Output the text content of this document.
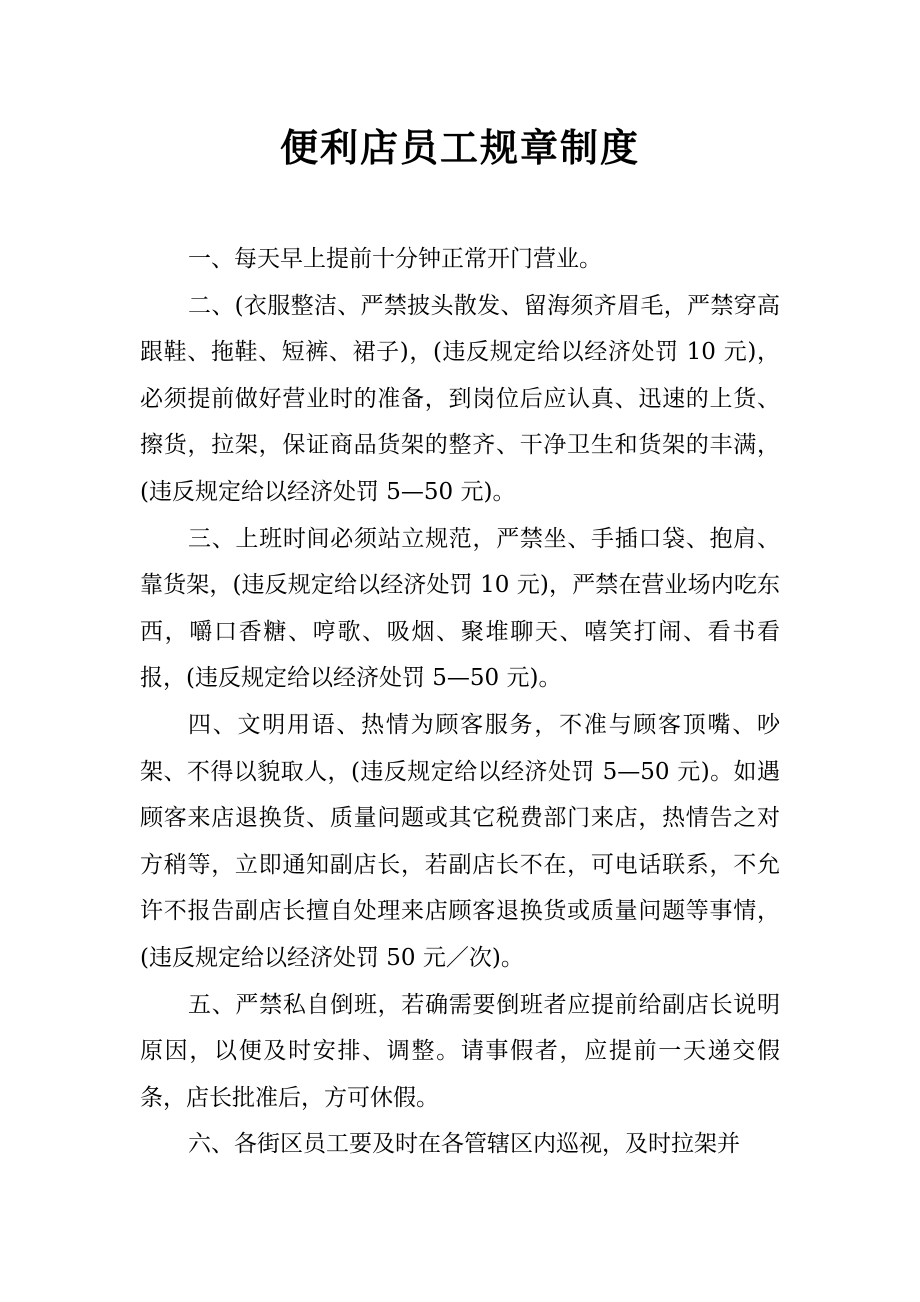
便利店员工规章制度

一、每天早上提前十分钟正常开门营业。

二、(衣服整洁、严禁披头散发、留海须齐眉毛，严禁穿高跟鞋、拖鞋、短裤、裙子)，(违反规定给以经济处罚 10 元)，必须提前做好营业时的准备，到岗位后应认真、迅速的上货、擦货，拉架，保证商品货架的整齐、干净卫生和货架的丰满，(违反规定给以经济处罚 5—50 元)。

三、上班时间必须站立规范，严禁坐、手插口袋、抱肩、靠货架，(违反规定给以经济处罚 10 元)，严禁在营业场内吃东西，嚼口香糖、哼歌、吸烟、聚堆聊天、嘻笑打闹、看书看报，(违反规定给以经济处罚 5—50 元)。

四、文明用语、热情为顾客服务，不准与顾客顶嘴、吵架、不得以貌取人，(违反规定给以经济处罚 5—50 元)。如遇顾客来店退换货、质量问题或其它税费部门来店，热情告之对方稍等，立即通知副店长，若副店长不在，可电话联系，不允许不报告副店长擅自处理来店顾客退换货或质量问题等事情，(违反规定给以经济处罚 50 元／次)。

五、严禁私自倒班，若确需要倒班者应提前给副店长说明原因，以便及时安排、调整。请事假者，应提前一天递交假条，店长批准后，方可休假。

六、各街区员工要及时在各管辖区内巡视，及时拉架并
